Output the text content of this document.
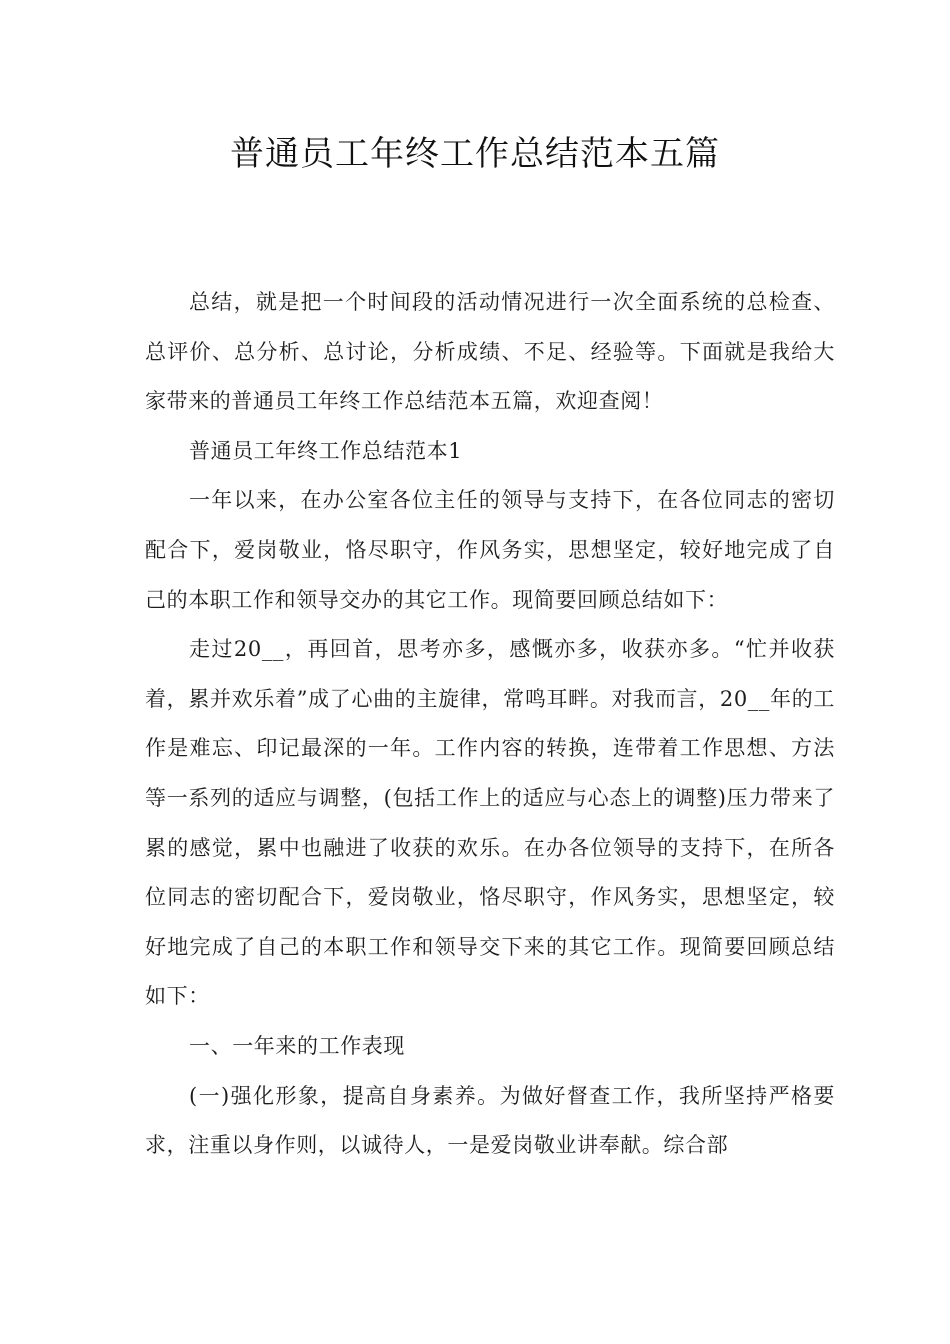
普通员工年终工作总结范本五篇

总结，就是把一个时间段的活动情况进行一次全面系统的总检查、总评价、总分析、总讨论，分析成绩、不足、经验等。下面就是我给大家带来的普通员工年终工作总结范本五篇，欢迎查阅！

普通员工年终工作总结范本1

一年以来，在办公室各位主任的领导与支持下，在各位同志的密切配合下，爱岗敬业，恪尽职守，作风务实，思想坚定，较好地完成了自己的本职工作和领导交办的其它工作。现简要回顾总结如下：

走过20__，再回首，思考亦多，感慨亦多，收获亦多。“忙并收获着，累并欢乐着”成了心曲的主旋律，常鸣耳畔。对我而言，20__年的工作是难忘、印记最深的一年。工作内容的转换，连带着工作思想、方法等一系列的适应与调整，(包括工作上的适应与心态上的调整)压力带来了累的感觉，累中也融进了收获的欢乐。在办各位领导的支持下，在所各位同志的密切配合下，爱岗敬业，恪尽职守，作风务实，思想坚定，较好地完成了自己的本职工作和领导交下来的其它工作。现简要回顾总结如下：

一、一年来的工作表现

(一)强化形象，提高自身素养。为做好督查工作，我所坚持严格要求，注重以身作则，以诚待人，一是爱岗敬业讲奉献。综合部
